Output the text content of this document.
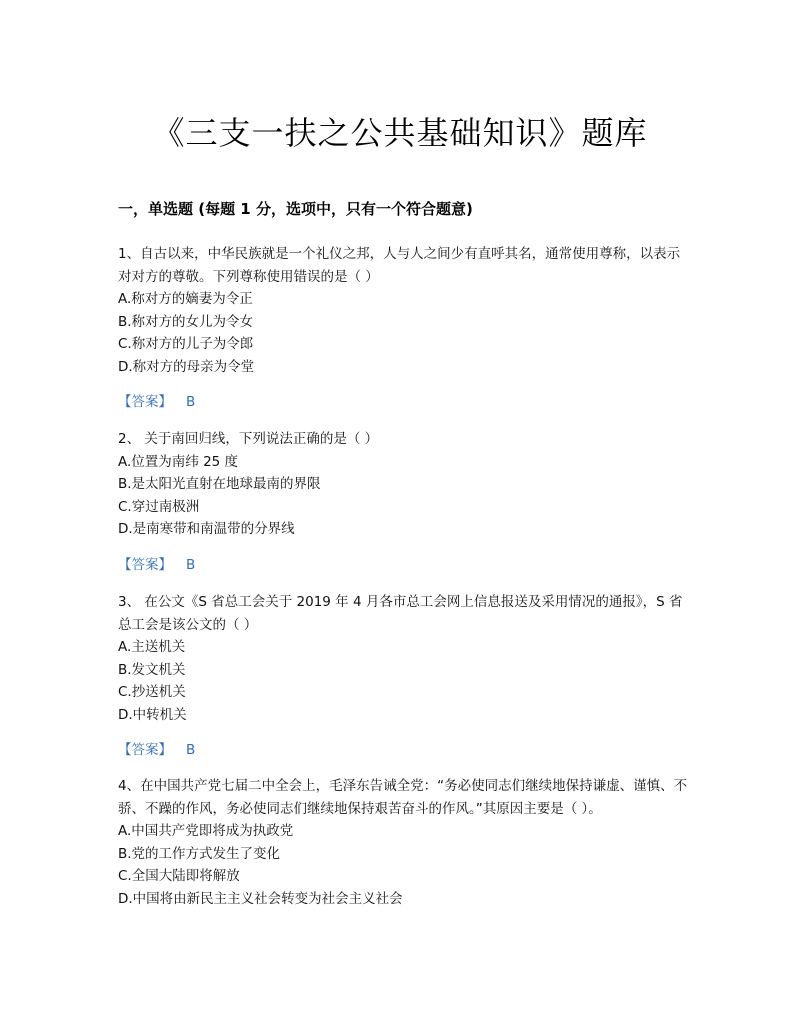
《三支一扶之公共基础知识》题库
一，单选题 (每题 1 分，选项中，只有一个符合题意)

1、自古以来，中华民族就是一个礼仪之邦，人与人之间少有直呼其名，通常使用尊称，以表示对对方的尊敬。下列尊称使用错误的是（ ）

A.称对方的嫡妻为令正

B.称对方的女儿为令女

C.称对方的儿子为令郎

D.称对方的母亲为令堂

【答案】 B

2、 关于南回归线，下列说法正确的是（ ）

A.位置为南纬 25 度

B.是太阳光直射在地球最南的界限

C.穿过南极洲

D.是南寒带和南温带的分界线

【答案】 B

3、 在公文《S 省总工会关于 2019 年 4 月各市总工会网上信息报送及采用情况的通报》，S 省总工会是该公文的（ ）

A.主送机关

B.发文机关

C.抄送机关

D.中转机关

【答案】 B

4、在中国共产党七届二中全会上，毛泽东告诫全党：“务必使同志们继续地保持谦虚、谨慎、不骄、不躁的作风，务必使同志们继续地保持艰苦奋斗的作风。”其原因主要是（ ）。

A.中国共产党即将成为执政党

B.党的工作方式发生了变化

C.全国大陆即将解放

D.中国将由新民主主义社会转变为社会主义社会
